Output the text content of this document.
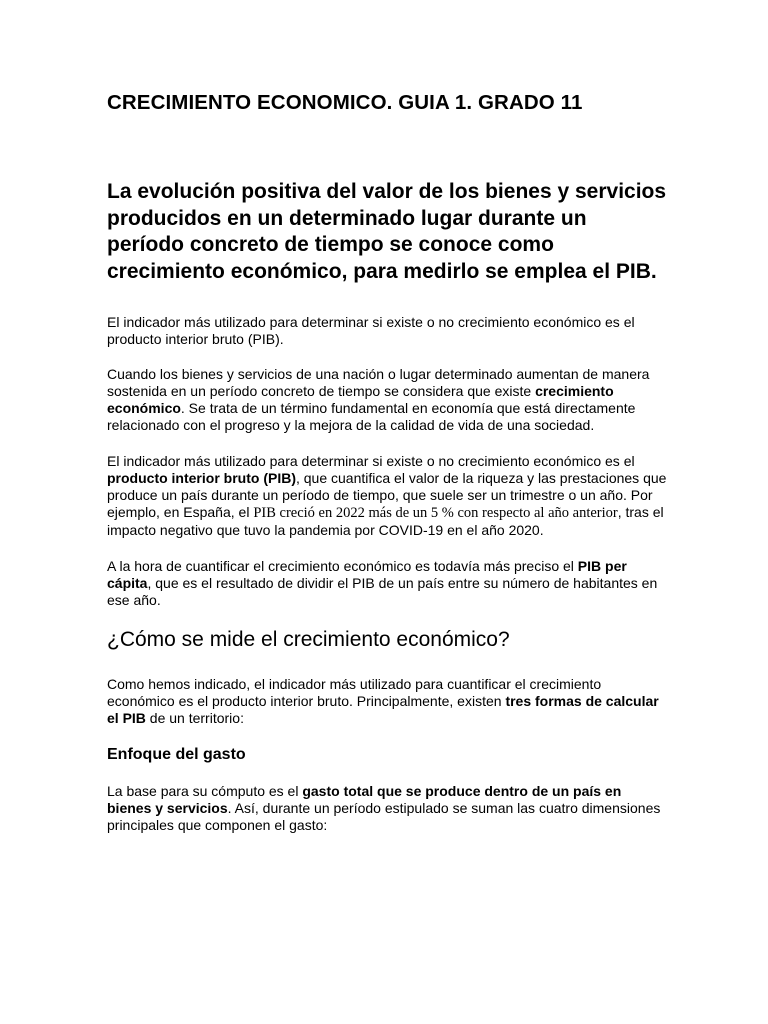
CRECIMIENTO ECONOMICO. GUIA 1. GRADO 11

La evolución positiva del valor de los bienes y servicios producidos en un determinado lugar durante un período concreto de tiempo se conoce como crecimiento económico, para medirlo se emplea el PIB.

El indicador más utilizado para determinar si existe o no crecimiento económico es el producto interior bruto (PIB).

Cuando los bienes y servicios de una nación o lugar determinado aumentan de manera sostenida en un período concreto de tiempo se considera que existe crecimiento económico. Se trata de un término fundamental en economía que está directamente relacionado con el progreso y la mejora de la calidad de vida de una sociedad.

El indicador más utilizado para determinar si existe o no crecimiento económico es el producto interior bruto (PIB), que cuantifica el valor de la riqueza y las prestaciones que produce un país durante un período de tiempo, que suele ser un trimestre o un año. Por ejemplo, en España, el PIB creció en 2022 más de un 5 % con respecto al año anterior, tras el impacto negativo que tuvo la pandemia por COVID-19 en el año 2020.

A la hora de cuantificar el crecimiento económico es todavía más preciso el PIB per cápita, que es el resultado de dividir el PIB de un país entre su número de habitantes en ese año.

¿Cómo se mide el crecimiento económico?

Como hemos indicado, el indicador más utilizado para cuantificar el crecimiento económico es el producto interior bruto. Principalmente, existen tres formas de calcular el PIB de un territorio:

Enfoque del gasto

La base para su cómputo es el gasto total que se produce dentro de un país en bienes y servicios. Así, durante un período estipulado se suman las cuatro dimensiones principales que componen el gasto:
